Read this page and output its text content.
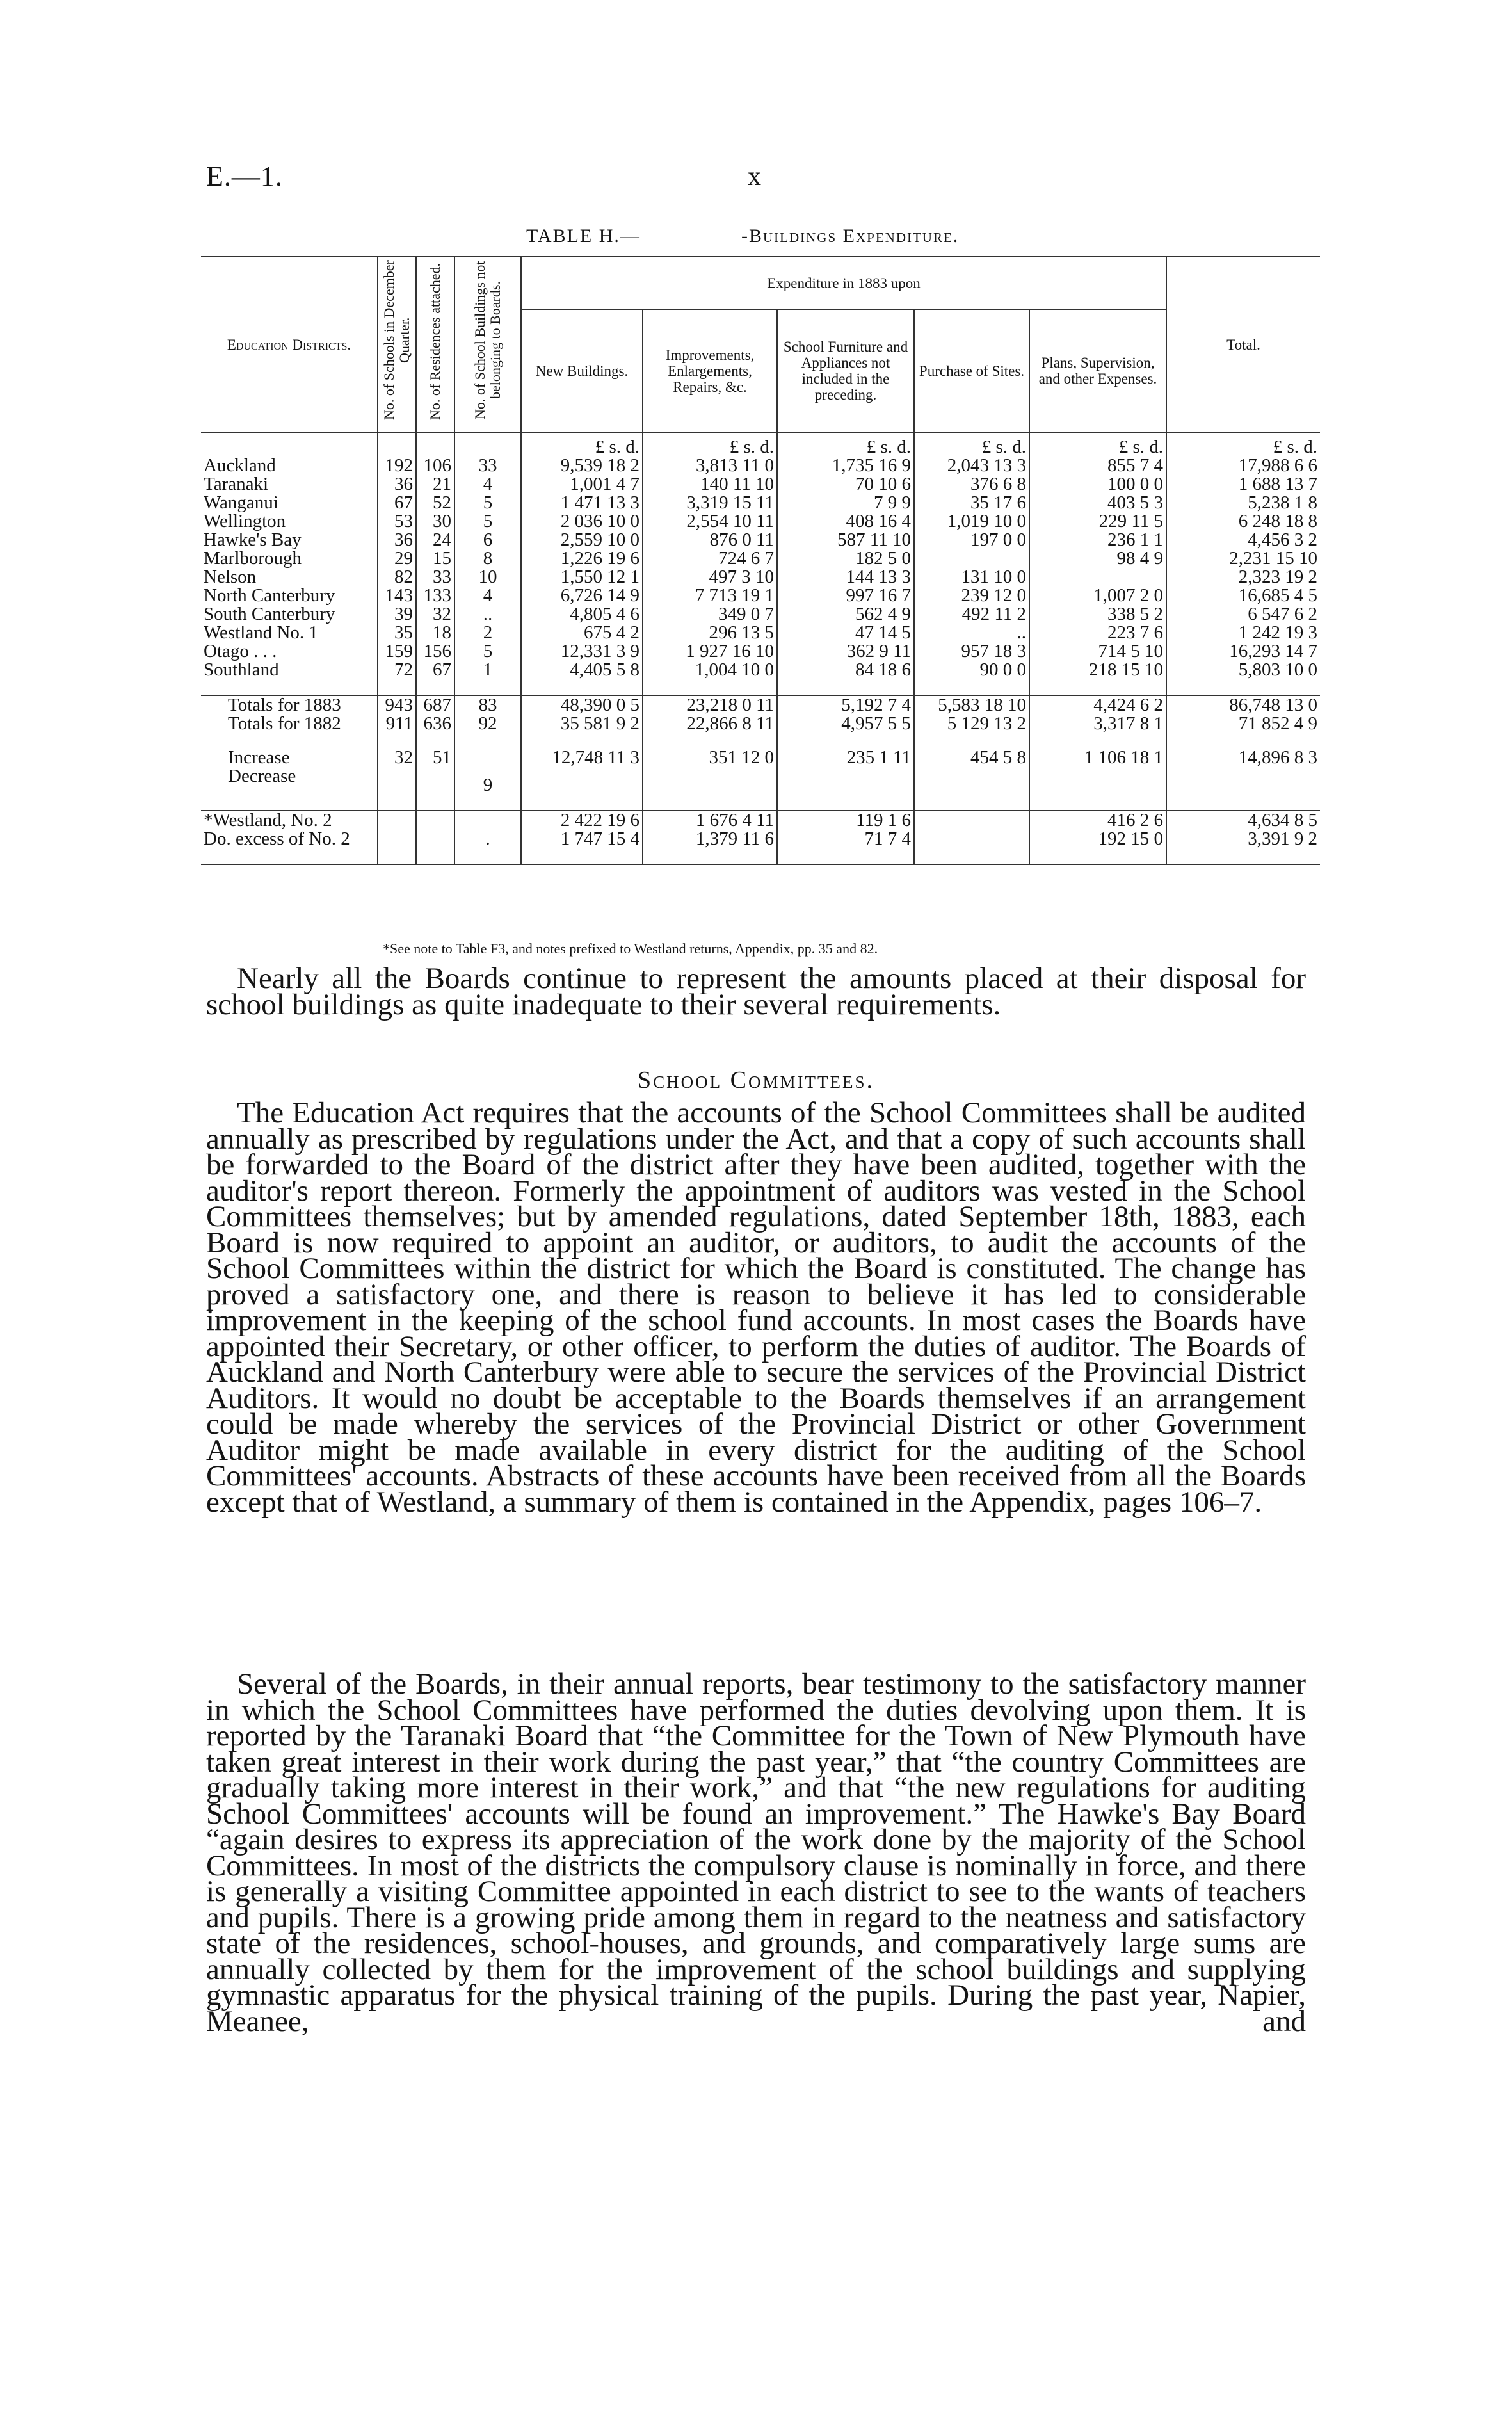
E.—1.	x
TABLE H.—	-Buildings Expenditure.
Education Districts.	No. of Schools in December Quarter.	No. of Residences attached.	No. of School Buildings not belonging to Boards.	Expenditure in 1883 upon					Total.
				New Buildings.	Improvements, Enlargements, Repairs, &c.	School Furniture and Appliances not included in the preceding.	Purchase of Sites.	Plans, Supervision, and other Expenses.	
				£ s. d.	£ s. d.	£ s. d.	£ s. d.	£ s. d.	£ s. d.
Auckland	192	106	33	9,539 18 2	3,813 11 0	1,735 16 9	2,043 13 3	855 7 4	17,988 6 6
Taranaki	36	21	4	1,001 4 7	140 11 10	70 10 6	376 6 8	100 0 0	1 688 13 7
Wanganui	67	52	5	1 471 13 3	3,319 15 11	7 9 9	35 17 6	403 5 3	5,238 1 8
Wellington	53	30	5	2 036 10 0	2,554 10 11	408 16 4	1,019 10 0	229 11 5	6 248 18 8
Hawke's Bay	36	24	6	2,559 10 0	876 0 11	587 11 10	197 0 0	236 1 1	4,456 3 2
Marlborough	29	15	8	1,226 19 6	724 6 7	182 5 0		98 4 9	2,231 15 10
Nelson	82	33	10	1,550 12 1	497 3 10	144 13 3	131 10 0		2,323 19 2
North Canterbury	143	133	4	6,726 14 9	7 713 19 1	997 16 7	239 12 0	1,007 2 0	16,685 4 5
South Canterbury	39	32	..	4,805 4 6	349 0 7	562 4 9	492 11 2	338 5 2	6 547 6 2
Westland No. 1	35	18	2	675 4 2	296 13 5	47 14 5	..	223 7 6	1 242 19 3
Otago . . .	159	156	5	12,331 3 9	1 927 16 10	362 9 11	957 18 3	714 5 10	16,293 14 7
Southland	72	67	1	4,405 5 8	1,004 10 0	84 18 6	90 0 0	218 15 10	5,803 10 0

Totals for 1883	943	687	83	48,390 0 5	23,218 0 11	5,192 7 4	5,583 18 10	4,424 6 2	86,748 13 0
Totals for 1882	911	636	92	35 581 9 2	22,866 8 11	4,957 5 5	5 129 13 2	3,317 8 1	71 852 4 9

Increase	32	51		12,748 11 3	351 12 0	235 1 11	454 5 8	1 106 18 1	14,896 8 3
Decrease			9						

*Westland, No. 2				2 422 19 6	1 676 4 11	119 1 6		416 2 6	4,634 8 5
Do. excess of No. 2			.	1 747 15 4	1,379 11 6	71 7 4		192 15 0	3,391 9 2

*See note to Table F3, and notes prefixed to Westland returns, Appendix, pp. 35 and 82.

Nearly all the Boards continue to represent the amounts placed at their disposal for school buildings as quite inadequate to their several requirements.

School Committees.

The Education Act requires that the accounts of the School Committees shall be audited annually as prescribed by regulations under the Act, and that a copy of such accounts shall be forwarded to the Board of the district after they have been audited, together with the auditor's report thereon. Formerly the appointment of auditors was vested in the School Committees themselves; but by amended regulations, dated September 18th, 1883, each Board is now required to appoint an auditor, or auditors, to audit the accounts of the School Committees within the district for which the Board is constituted. The change has proved a satisfactory one, and there is reason to believe it has led to considerable improvement in the keeping of the school fund accounts. In most cases the Boards have appointed their Secretary, or other officer, to perform the duties of auditor. The Boards of Auckland and North Canterbury were able to secure the services of the Provincial District Auditors. It would no doubt be acceptable to the Boards themselves if an arrangement could be made whereby the services of the Provincial District or other Government Auditor might be made available in every district for the auditing of the School Committees' accounts. Abstracts of these accounts have been received from all the Boards except that of Westland, a summary of them is contained in the Appendix, pages 106–7.

Several of the Boards, in their annual reports, bear testimony to the satisfactory manner in which the School Committees have performed the duties devolving upon them. It is reported by the Taranaki Board that “the Committee for the Town of New Plymouth have taken great interest in their work during the past year,” that “the country Committees are gradually taking more interest in their work,” and that “the new regulations for auditing School Committees' accounts will be found an improvement.” The Hawke's Bay Board “again desires to express its appreciation of the work done by the majority of the School Committees. In most of the districts the compulsory clause is nominally in force, and there is generally a visiting Committee appointed in each district to see to the wants of teachers and pupils. There is a growing pride among them in regard to the neatness and satisfactory state of the residences, school-houses, and grounds, and comparatively large sums are annually collected by them for the improvement of the school buildings and supplying gymnastic apparatus for the physical training of the pupils. During the past year, Napier, Meanee, and
